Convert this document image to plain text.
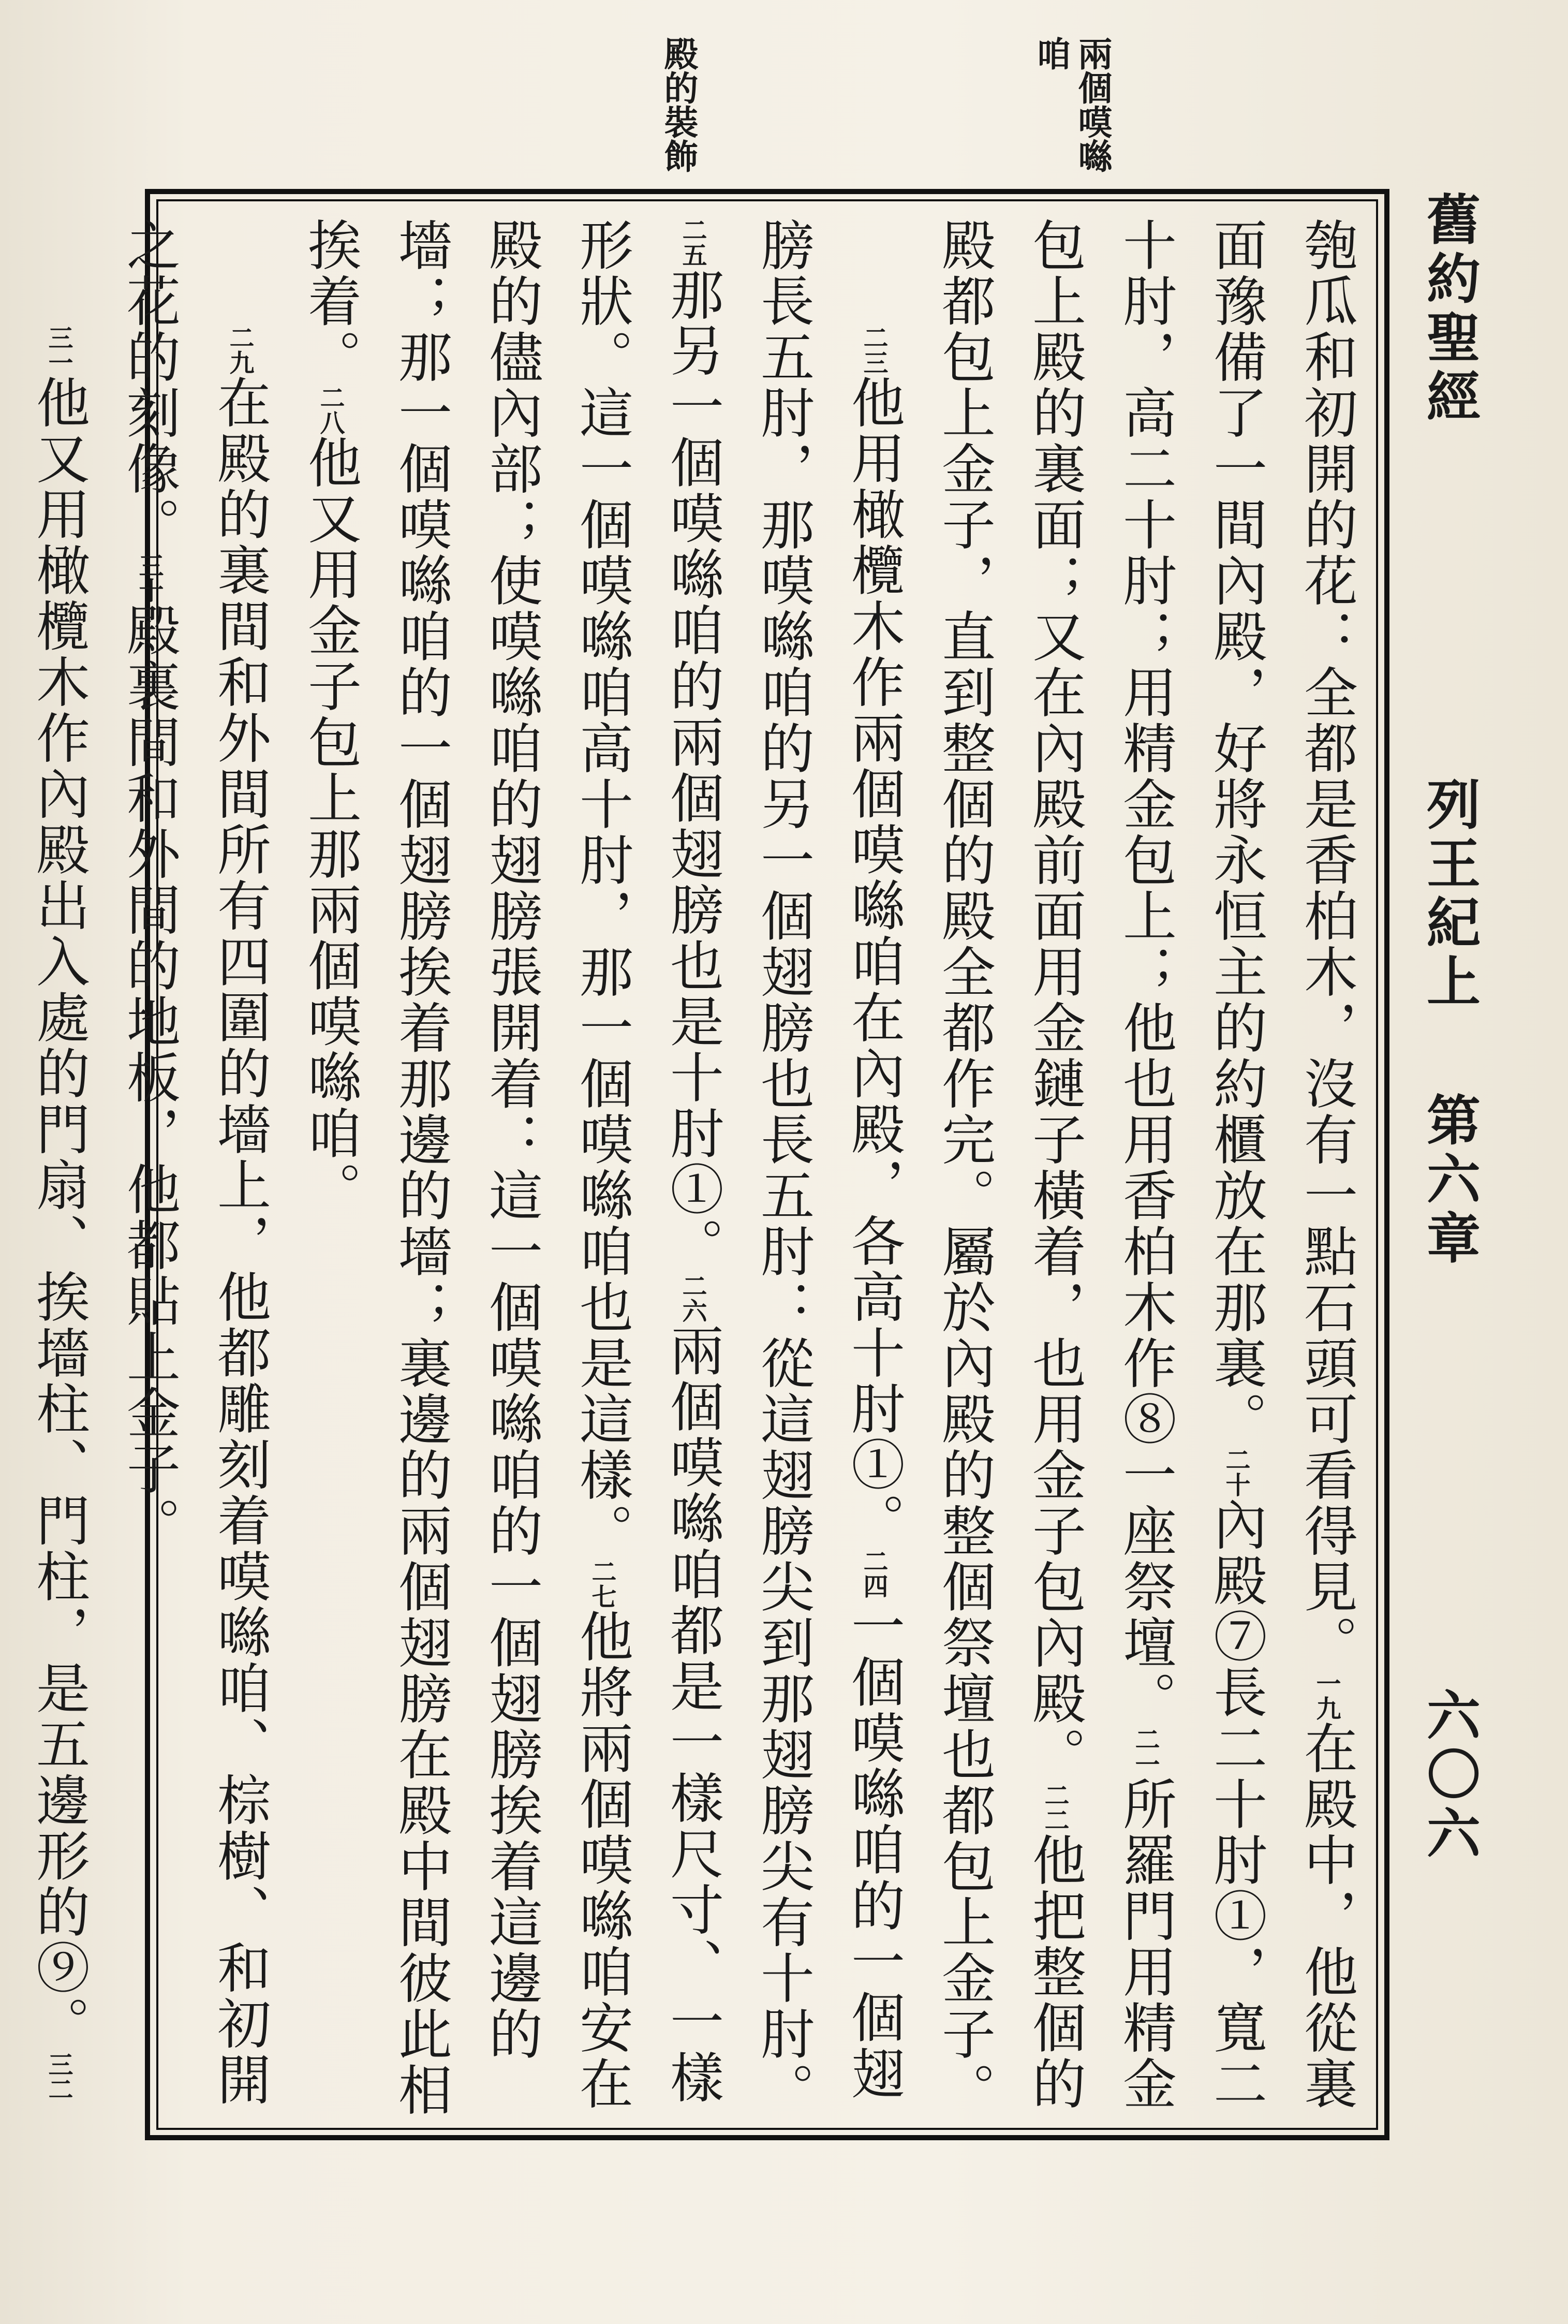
舊約聖經
列王紀上
第六章
六〇六
兩個嗼噝咱
殿的裝飾

匏瓜和初開的花：全都是香柏木，沒有一點石頭可看得見。一九在殿中，他從裏面豫備了一間內殿，好將永恒主的約櫃放在那裏。二十內殿⑦長二十肘①，寬二十肘，高二十肘；用精金包上；他也用香柏木作⑧一座祭壇。二一所羅門用精金包上殿的裏面；又在內殿前面用金鏈子橫着，也用金子包內殿。二二他把整個的殿都包上金子，直到整個的殿全都作完。屬於內殿的整個祭壇也都包上金子。

二三他用橄欖木作兩個嗼噝咱在內殿，各高十肘①。二四一個嗼噝咱的一個翅膀長五肘，那嗼噝咱的另一個翅膀也長五肘：從這翅膀尖到那翅膀尖有十肘。二五那另一個嗼噝咱的兩個翅膀也是十肘①。二六兩個嗼噝咱都是一樣尺寸、一樣形狀。這一個嗼噝咱高十肘，那一個嗼噝咱也是這樣。二七他將兩個嗼噝咱安在殿的儘內部；使嗼噝咱的翅膀張開着：這一個嗼噝咱的一個翅膀挨着這邊的墻；那一個嗼噝咱的一個翅膀挨着那邊的墻；裏邊的兩個翅膀在殿中間彼此相挨着。二八他又用金子包上那兩個嗼噝咱。

二九在殿的裏間和外間所有四圍的墻上，他都雕刻着嗼噝咱、棕樹、和初開之花的刻像。三十殿裏間和外間的地板，他都貼上金子。

三一他又用橄欖木作內殿出入處的門扇、挨墻柱、門柱，是五邊形的⑨。三二
